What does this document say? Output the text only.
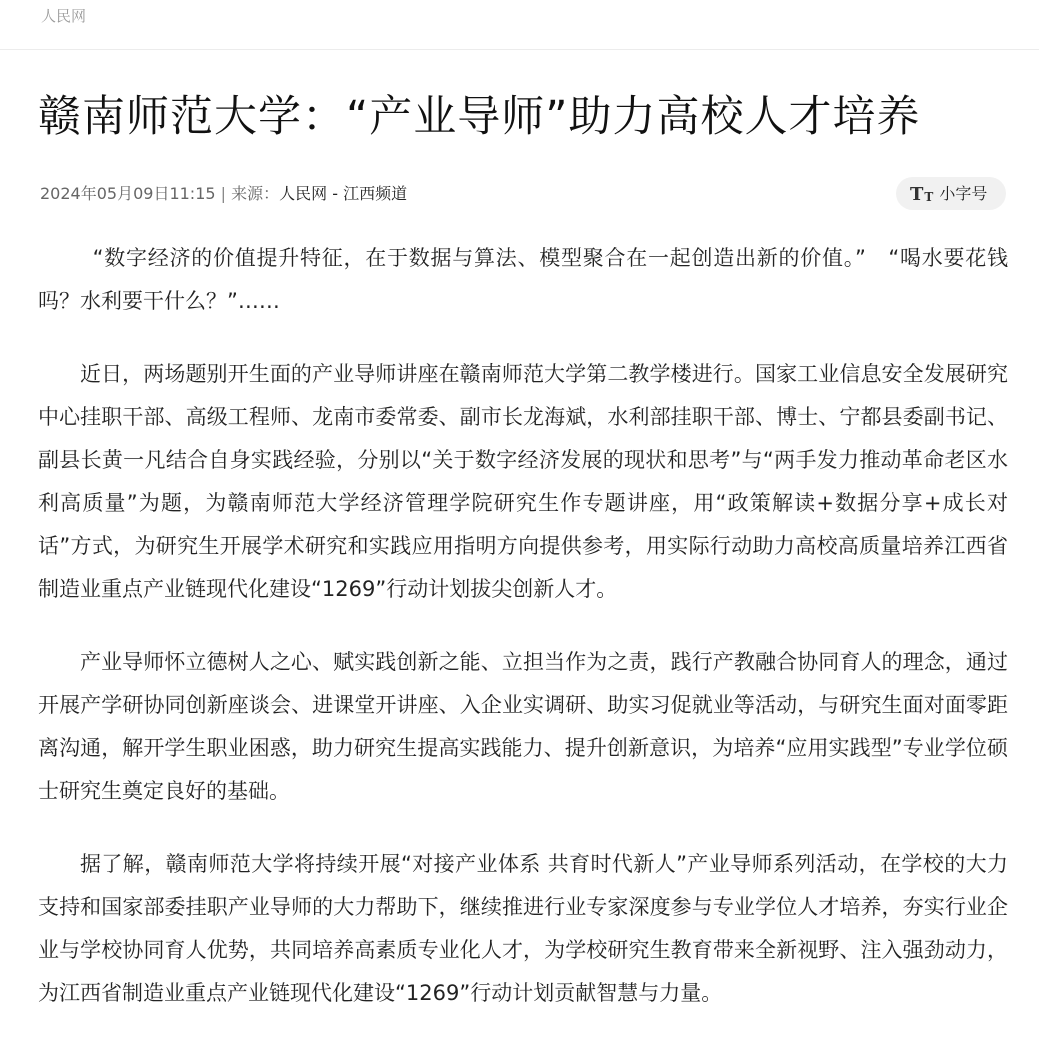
人民网
赣南师范大学：“产业导师”助力高校人才培养
2024年05月09日11:15 | 来源：人民网 - 江西频道	T T 小字号

“数字经济的价值提升特征，在于数据与算法、模型聚合在一起创造出新的价值。”　“喝水要花钱吗？水利要干什么？”……

近日，两场题别开生面的产业导师讲座在赣南师范大学第二教学楼进行。国家工业信息安全发展研究中心挂职干部、高级工程师、龙南市委常委、副市长龙海斌，水利部挂职干部、博士、宁都县委副书记、副县长黄一凡结合自身实践经验，分别以“关于数字经济发展的现状和思考”与“两手发力推动革命老区水利高质量”为题，为赣南师范大学经济管理学院研究生作专题讲座，用“政策解读+数据分享+成长对话”方式，为研究生开展学术研究和实践应用指明方向提供参考，用实际行动助力高校高质量培养江西省制造业重点产业链现代化建设“1269”行动计划拔尖创新人才。

产业导师怀立德树人之心、赋实践创新之能、立担当作为之责，践行产教融合协同育人的理念，通过开展产学研协同创新座谈会、进课堂开讲座、入企业实调研、助实习促就业等活动，与研究生面对面零距离沟通，解开学生职业困惑，助力研究生提高实践能力、提升创新意识，为培养“应用实践型”专业学位硕士研究生奠定良好的基础。

据了解，赣南师范大学将持续开展“对接产业体系 共育时代新人”产业导师系列活动，在学校的大力支持和国家部委挂职产业导师的大力帮助下，继续推进行业专家深度参与专业学位人才培养，夯实行业企业与学校协同育人优势，共同培养高素质专业化人才，为学校研究生教育带来全新视野、注入强劲动力，为江西省制造业重点产业链现代化建设“1269”行动计划贡献智慧与力量。
